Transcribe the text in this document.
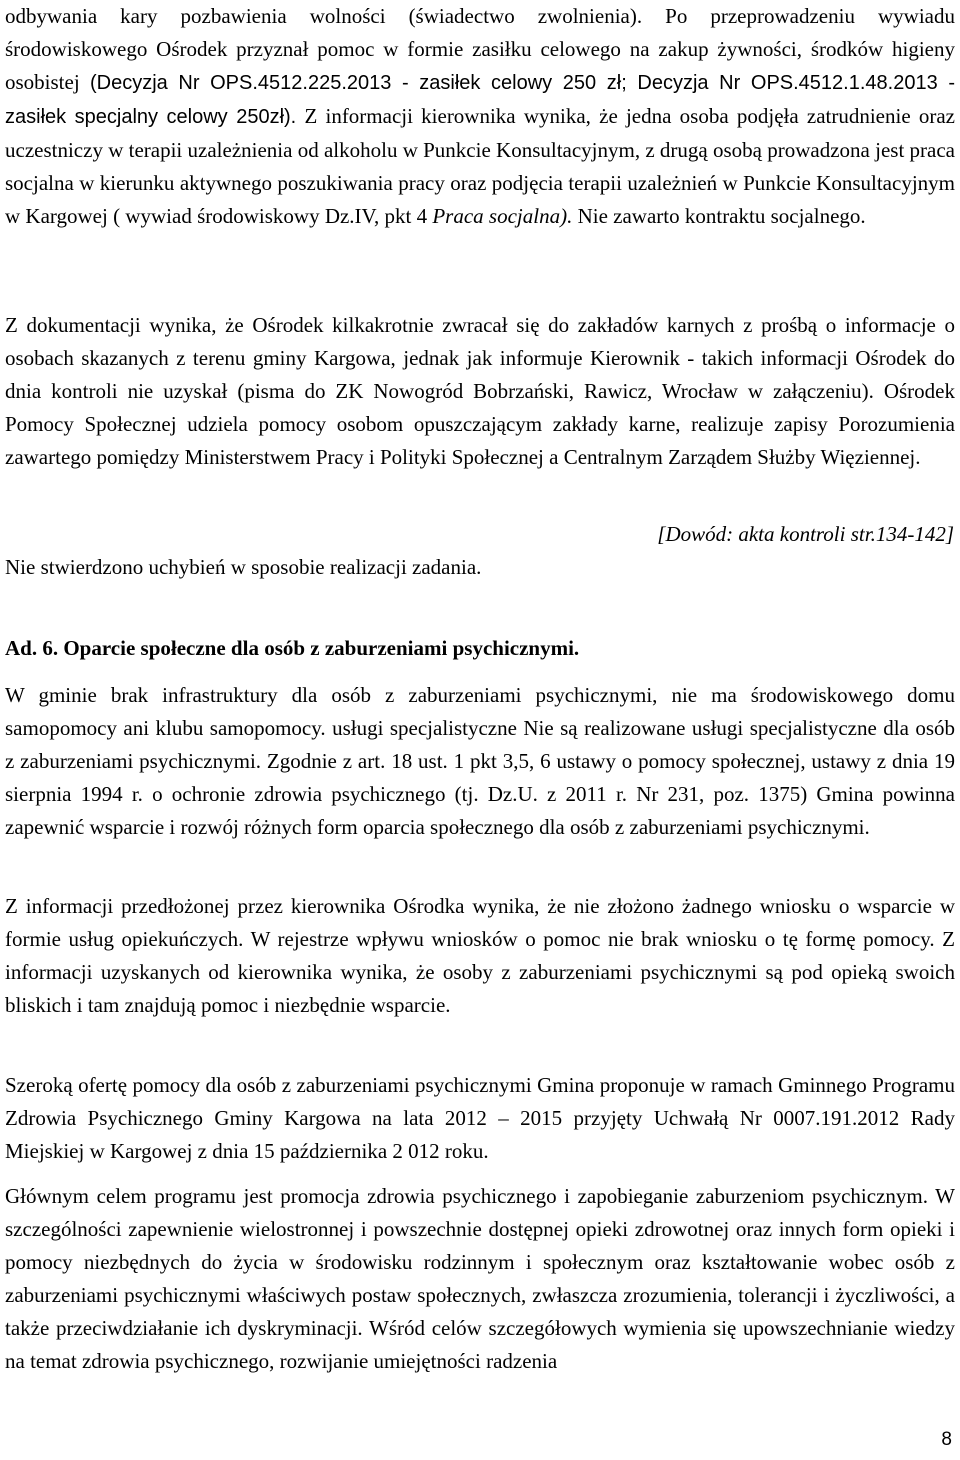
odbywania kary pozbawienia wolności (świadectwo zwolnienia). Po przeprowadzeniu wywiadu środowiskowego Ośrodek przyznał pomoc w formie zasiłku celowego na zakup żywności, środków higieny osobistej (Decyzja Nr OPS.4512.225.2013 - zasiłek celowy 250 zł; Decyzja Nr OPS.4512.1.48.2013 - zasiłek specjalny celowy 250zł). Z informacji kierownika wynika, że jedna osoba podjęła zatrudnienie oraz uczestniczy w terapii uzależnienia od alkoholu w Punkcie Konsultacyjnym, z drugą osobą prowadzona jest praca socjalna w kierunku aktywnego poszukiwania pracy oraz podjęcia terapii uzależnień w Punkcie Konsultacyjnym w Kargowej ( wywiad środowiskowy Dz.IV, pkt 4 Praca socjalna). Nie zawarto kontraktu socjalnego.

Z dokumentacji wynika, że Ośrodek kilkakrotnie zwracał się do zakładów karnych z prośbą o informacje o osobach skazanych z terenu gminy Kargowa, jednak jak informuje Kierownik - takich informacji Ośrodek do dnia kontroli nie uzyskał (pisma do ZK Nowogród Bobrzański, Rawicz, Wrocław w załączeniu). Ośrodek Pomocy Społecznej udziela pomocy osobom opuszczającym zakłady karne, realizuje zapisy Porozumienia zawartego pomiędzy Ministerstwem Pracy i Polityki Społecznej a Centralnym Zarządem Służby Więziennej.

[Dowód: akta kontroli str.134-142]

Nie stwierdzono uchybień w sposobie realizacji zadania.

Ad. 6. Oparcie społeczne dla osób z zaburzeniami psychicznymi.

W gminie brak infrastruktury dla osób z zaburzeniami psychicznymi, nie ma środowiskowego domu samopomocy ani klubu samopomocy. usługi specjalistyczne Nie są realizowane usługi specjalistyczne dla osób z zaburzeniami psychicznymi. Zgodnie z art. 18 ust. 1 pkt 3,5, 6 ustawy o pomocy społecznej, ustawy z dnia 19 sierpnia 1994 r. o ochronie zdrowia psychicznego (tj. Dz.U. z 2011 r. Nr 231, poz. 1375) Gmina powinna zapewnić wsparcie i rozwój różnych form oparcia społecznego dla osób z zaburzeniami psychicznymi.

Z informacji przedłożonej przez kierownika Ośrodka wynika, że nie złożono żadnego wniosku o wsparcie w formie usług opiekuńczych. W rejestrze wpływu wniosków o pomoc nie brak wniosku o tę formę pomocy. Z informacji uzyskanych od kierownika wynika, że osoby z zaburzeniami psychicznymi są pod opieką swoich bliskich i tam znajdują pomoc i niezbędnie wsparcie.

Szeroką ofertę pomocy dla osób z zaburzeniami psychicznymi Gmina proponuje w ramach Gminnego Programu Zdrowia Psychicznego Gminy Kargowa na lata 2012 – 2015 przyjęty Uchwałą Nr 0007.191.2012 Rady Miejskiej w Kargowej z dnia 15 października 2 012 roku.

Głównym celem programu jest promocja zdrowia psychicznego i zapobieganie zaburzeniom psychicznym. W szczególności zapewnienie wielostronnej i powszechnie dostępnej opieki zdrowotnej oraz innych form opieki i pomocy niezbędnych do życia w środowisku rodzinnym i społecznym oraz kształtowanie wobec osób z zaburzeniami psychicznymi właściwych postaw społecznych, zwłaszcza zrozumienia, tolerancji i życzliwości, a także przeciwdziałanie ich dyskryminacji. Wśród celów szczegółowych wymienia się upowszechnianie wiedzy na temat zdrowia psychicznego, rozwijanie umiejętności radzenia

8
